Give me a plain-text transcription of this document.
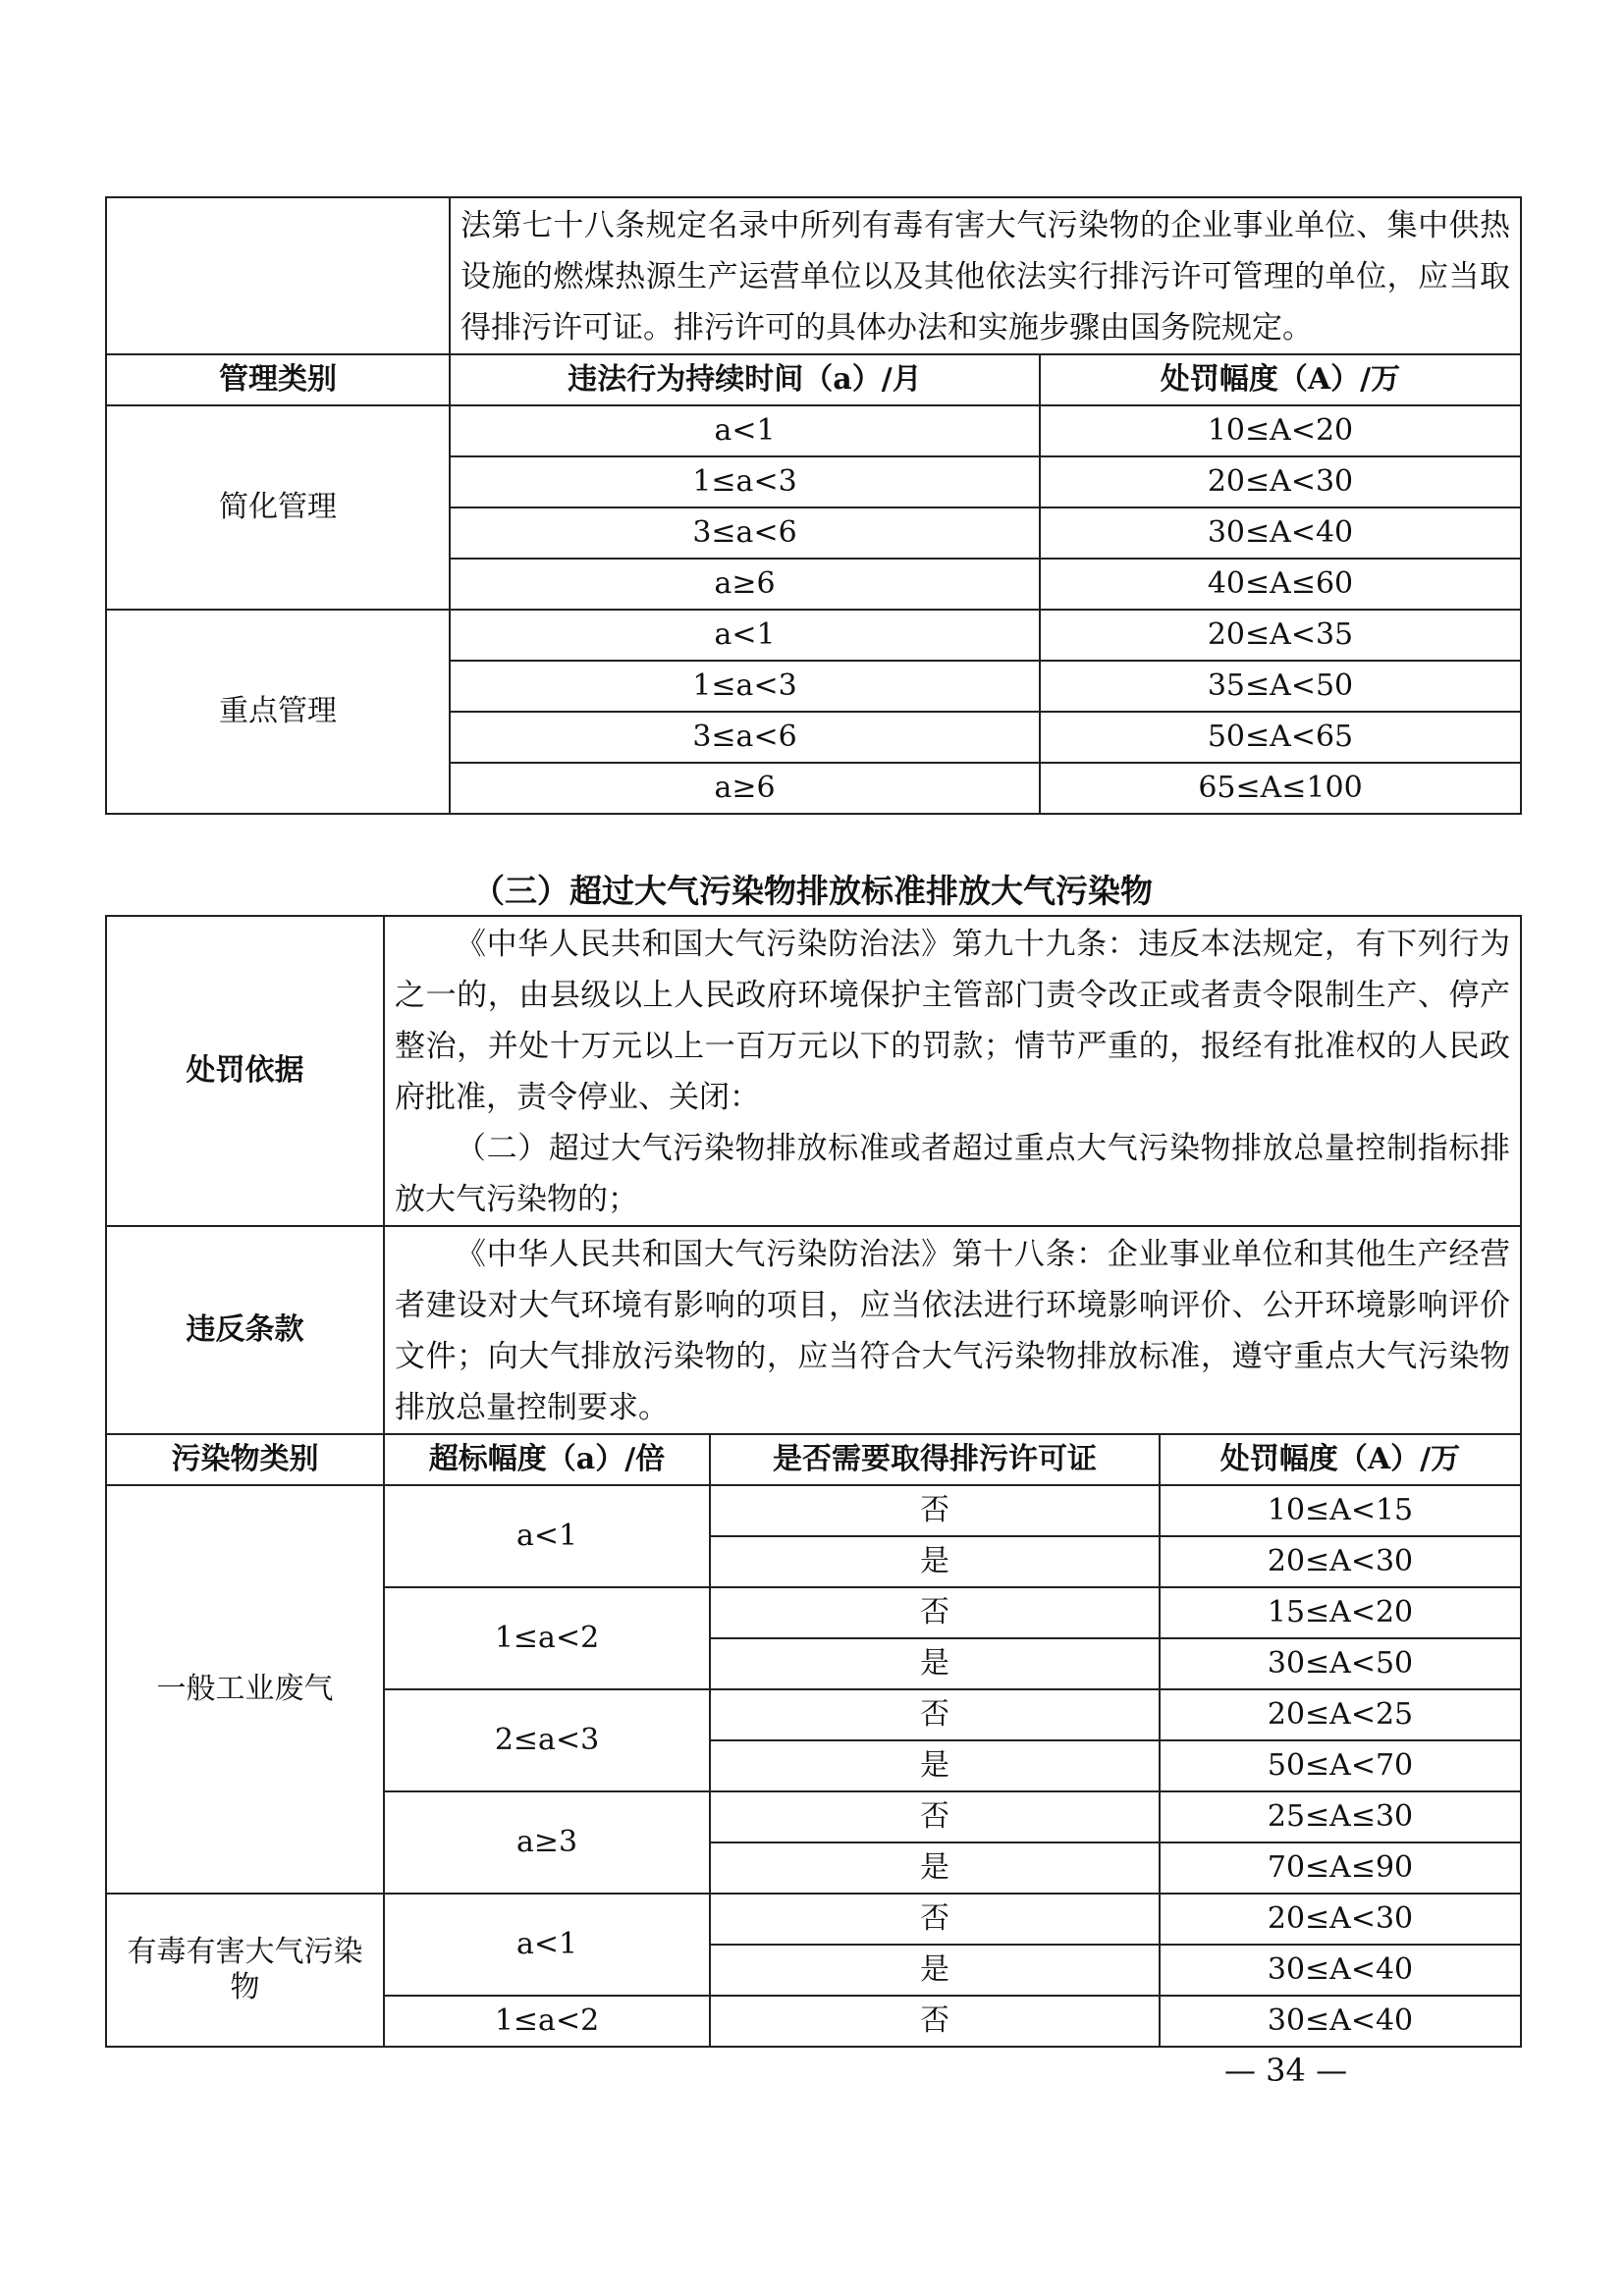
	法第七十八条规定名录中所列有毒有害大气污染物的企业事业单位、集中供热设施的燃煤热源生产运营单位以及其他依法实行排污许可管理的单位，应当取得排污许可证。排污许可的具体办法和实施步骤由国务院规定。	
管理类别	违法行为持续时间（a）/月	处罚幅度（A）/万
简化管理	a<1	10≤A<20
	1≤a<3	20≤A<30
	3≤a<6	30≤A<40
	a≥6	40≤A≤60
重点管理	a<1	20≤A<35
	1≤a<3	35≤A<50
	3≤a<6	50≤A<65
	a≥6	65≤A≤100
（三）超过大气污染物排放标准排放大气污染物
处罚依据	《中华人民共和国大气污染防治法》第九十九条：违反本法规定，有下列行为之一的，由县级以上人民政府环境保护主管部门责令改正或者责令限制生产、停产整治，并处十万元以上一百万元以下的罚款；情节严重的，报经有批准权的人民政府批准，责令停业、关闭：

（二）超过大气污染物排放标准或者超过重点大气污染物排放总量控制指标排放大气污染物的；		

违反条款	《中华人民共和国大气污染防治法》第十八条：企业事业单位和其他生产经营者建设对大气环境有影响的项目，应当依法进行环境影响评价、公开环境影响评价文件；向大气排放污染物的，应当符合大气污染物排放标准，遵守重点大气污染物排放总量控制要求。		

污染物类别	超标幅度（a）/倍	是否需要取得排污许可证	处罚幅度（A）/万
一般工业废气	a<1	否	10≤A<15
		是	20≤A<30
	1≤a<2	否	15≤A<20
		是	30≤A<50
	2≤a<3	否	20≤A<25
		是	50≤A<70
	a≥3	否	25≤A≤30
		是	70≤A≤90
有毒有害大气污染物	a<1	否	20≤A<30
		是	30≤A<40
	1≤a<2	否	30≤A<40
— 34 —
